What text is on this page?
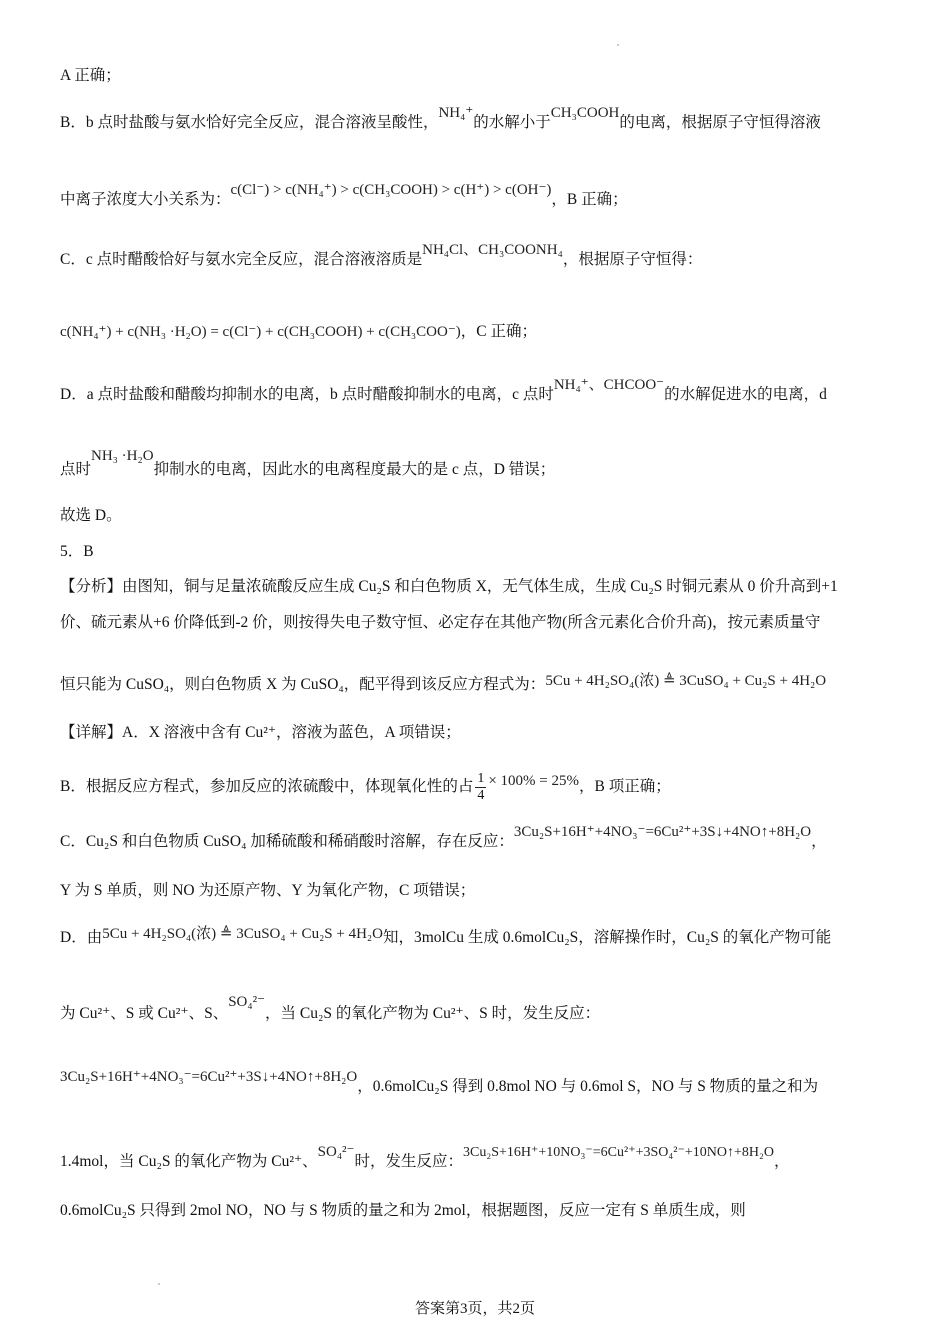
A 正确；
B．b 点时盐酸与氨水恰好完全反应，混合溶液呈酸性，NH₄⁺的水解小于CH₃COOH的电离，根据原子守恒得溶液
中离子浓度大小关系为：c(Cl⁻) > c(NH₄⁺) > c(CH₃COOH) > c(H⁺) > c(OH⁻)，B 正确；
C．c 点时醋酸恰好与氨水完全反应，混合溶液溶质是NH₄Cl、CH₃COONH₄，根据原子守恒得：
c(NH₄⁺) + c(NH₃ ·H₂O) = c(Cl⁻) + c(CH₃COOH) + c(CH₃COO⁻)，C 正确；
D．a 点时盐酸和醋酸均抑制水的电离，b 点时醋酸抑制水的电离，c 点时NH₄⁺、CHCOO⁻的水解促进水的电离，d
点时NH₃ ·H₂O抑制水的电离，因此水的电离程度最大的是 c 点，D 错误；
故选 D。
5．B
【分析】由图知，铜与足量浓硫酸反应生成 Cu₂S 和白色物质 X，无气体生成，生成 Cu₂S 时铜元素从 0 价升高到+1
价、硫元素从+6 价降低到-2 价，则按得失电子数守恒、必定存在其他产物(所含元素化合价升高)，按元素质量守
恒只能为 CuSO₄，则白色物质 X 为 CuSO₄，配平得到该反应方程式为：5Cu + 4H₂SO₄(浓) ≜ 3CuSO₄ + Cu₂S + 4H₂O
【详解】A．X 溶液中含有 Cu²⁺，溶液为蓝色，A 项错误；
B．根据反应方程式，参加反应的浓硫酸中，体现氧化性的占 $\frac{1}{4} \times 100\% = 25\%$，B 项正确；
C．Cu₂S 和白色物质 CuSO₄ 加稀硫酸和稀硝酸时溶解，存在反应：3Cu₂S+16H⁺+4NO₃⁻=6Cu²⁺+3S↓+4NO↑+8H₂O，
Y 为 S 单质，则 NO 为还原产物、Y 为氧化产物，C 项错误；
D．由5Cu + 4H₂SO₄(浓) ≜ 3CuSO₄ + Cu₂S + 4H₂O知，3molCu 生成 0.6molCu₂S，溶解操作时，Cu₂S 的氧化产物可能
为 Cu²⁺、S 或 Cu²⁺、S、SO₄²⁻，当 Cu₂S 的氧化产物为 Cu²⁺、S 时，发生反应：
3Cu₂S+16H⁺+4NO₃⁻=6Cu²⁺+3S↓+4NO↑+8H₂O，0.6molCu₂S 得到 0.8mol NO 与 0.6mol S，NO 与 S 物质的量之和为
1.4mol，当 Cu₂S 的氧化产物为 Cu²⁺、SO₄²⁻时，发生反应：3Cu₂S+16H⁺+10NO₃⁻=6Cu²⁺+3SO₄²⁻+10NO↑+8H₂O，
0.6molCu₂S 只得到 2mol NO，NO 与 S 物质的量之和为 2mol，根据题图，反应一定有 S 单质生成，则
答案第3页，共2页
